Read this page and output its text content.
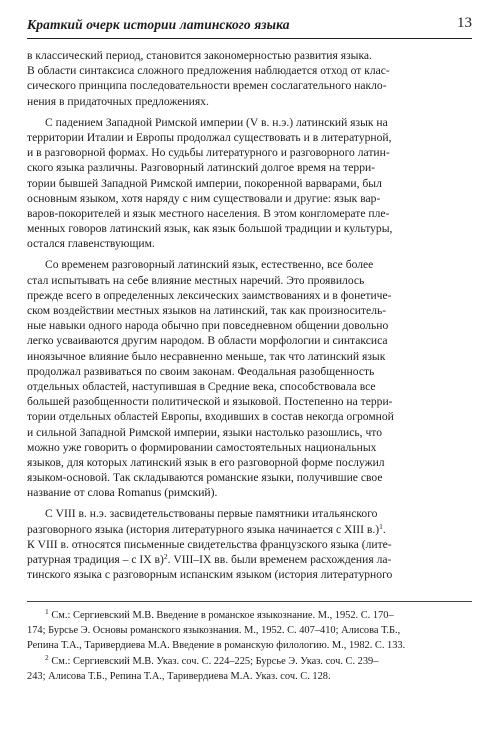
Краткий очерк истории латинского языка	13
в классический период, становится закономерностью развития языка.
В области синтаксиса сложного предложения наблюдается отход от клас-
сического принципа последовательности времен сослагательного накло-
нения в придаточных предложениях.
С падением Западной Римской империи (V в. н.э.) латинский язык на
территории Италии и Европы продолжал существовать и в литературной,
и в разговорной формах. Но судьбы литературного и разговорного латин-
ского языка различны. Разговорный латинский долгое время на терри-
тории бывшей Западной Римской империи, покоренной варварами, был
основным языком, хотя наряду с ним существовали и другие: язык вар-
варов-покорителей и язык местного населения. В этом конгломерате пле-
менных говоров латинский язык, как язык большой традиции и культуры,
остался главенствующим.
Со временем разговорный латинский язык, естественно, все более
стал испытывать на себе влияние местных наречий. Это проявилось
прежде всего в определенных лексических заимствованиях и в фонетиче-
ском воздействии местных языков на латинский, так как произноситель-
ные навыки одного народа обычно при повседневном общении довольно
легко усваиваются другим народом. В области морфологии и синтаксиса
иноязычное влияние было несравненно меньше, так что латинский язык
продолжал развиваться по своим законам. Феодальная разобщенность
отдельных областей, наступившая в Средние века, способствовала все
большей разобщенности политической и языковой. Постепенно на терри-
тории отдельных областей Европы, входивших в состав некогда огромной
и сильной Западной Римской империи, языки настолько разошлись, что
можно уже говорить о формировании самостоятельных национальных
языков, для которых латинский язык в его разговорной форме послужил
языком-основой. Так складываются романские языки, получившие свое
название от слова Romanus (римский).
С VIII в. н.э. засвидетельствованы первые памятники итальянского
разговорного языка (история литературного языка начинается с XIII в.)$^1$.
К VIII в. относятся письменные свидетельства французского языка (лите-
ратурная традиция – с IX в)$^2$. VIII–IX вв. были временем расхождения ла-
тинского языка с разговорным испанским языком (история литературного
$^1$ См.: Сергиевский М.В. Введение в романское языкознание. М., 1952. С. 170–
174; Бурсье Э. Основы романского языкознания. М., 1952. С. 407–410; Алисова Т.Б.,
Репина Т.А., Таривердиева М.А. Введение в романскую филологию. М., 1982. С. 133.
$^2$ См.: Сергиевский М.В. Указ. соч. С. 224–225; Бурсье Э. Указ. соч. С. 239–
243; Алисова Т.Б., Репина Т.А., Таривердиева М.А. Указ. соч. С. 128.
